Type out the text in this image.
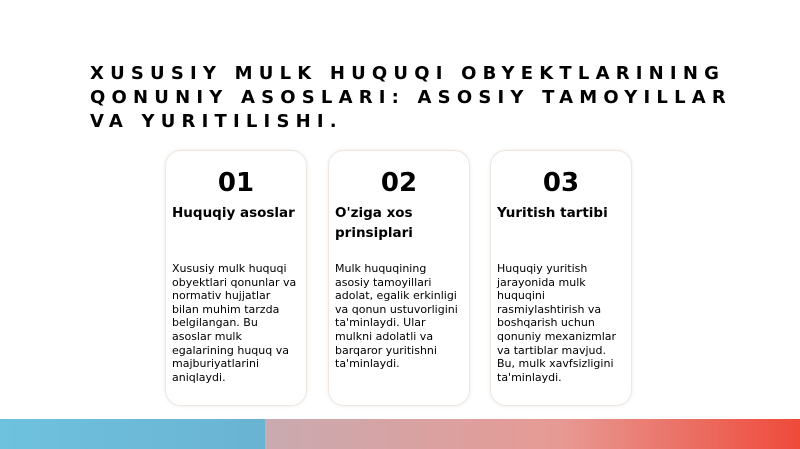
XUSUSIY MULK HUQUQI OBYEKTLARINING QONUNIY ASOSLARI: ASOSIY TAMOYILLAR VA YURITILISHI.
01
Huquqiy asoslar

Xususiy mulk huquqi obyektlari qonunlar va normativ hujjatlar bilan muhim tarzda belgilangan. Bu asoslar mulk egalarining huquq va majburiyatlarini aniqlaydi.

02
O'ziga xos prinsiplari

Mulk huquqining asosiy tamoyillari adolat, egalik erkinligi va qonun ustuvorligini ta'minlaydi. Ular mulkni adolatli va barqaror yuritishni ta'minlaydi.

03
Yuritish tartibi

Huquqiy yuritish jarayonida mulk huquqini rasmiylashtirish va boshqarish uchun qonuniy mexanizmlar va tartiblar mavjud. Bu, mulk xavfsizligini ta'minlaydi.
